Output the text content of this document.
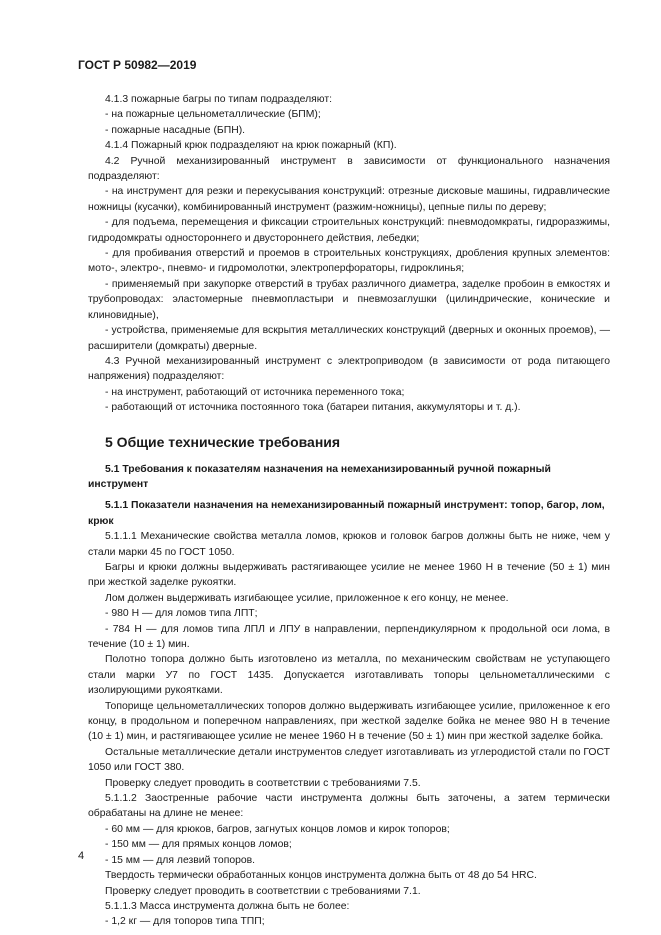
ГОСТ Р 50982—2019

4.1.3 пожарные багры по типам подразделяют:

- на пожарные цельнометаллические (БПМ);

- пожарные насадные (БПН).

4.1.4 Пожарный крюк подразделяют на крюк пожарный (КП).

4.2 Ручной механизированный инструмент в зависимости от функционального назначения подразделяют:

- на инструмент для резки и перекусывания конструкций: отрезные дисковые машины, гидравлические ножницы (кусачки), комбинированный инструмент (разжим-ножницы), цепные пилы по дереву;

- для подъема, перемещения и фиксации строительных конструкций: пневмодомкраты, гидроразжимы, гидродомкраты одностороннего и двустороннего действия, лебедки;

- для пробивания отверстий и проемов в строительных конструкциях, дробления крупных элементов: мото-, электро-, пневмо- и гидромолотки, электроперфораторы, гидроклинья;

- применяемый при закупорке отверстий в трубах различного диаметра, заделке пробоин в емкостях и трубопроводах: эластомерные пневмопластыри и пневмозаглушки (цилиндрические, конические и клиновидные),

- устройства, применяемые для вскрытия металлических конструкций (дверных и оконных проемов), — расширители (домкраты) дверные.

4.3 Ручной механизированный инструмент с электроприводом (в зависимости от рода питающего напряжения) подразделяют:

- на инструмент, работающий от источника переменного тока;

- работающий от источника постоянного тока (батареи питания, аккумуляторы и т. д.).

5 Общие технические требования
5.1 Требования к показателям назначения на немеханизированный ручной пожарный инструмент
5.1.1 Показатели назначения на немеханизированный пожарный инструмент: топор, багор, лом, крюк

5.1.1.1 Механические свойства металла ломов, крюков и головок багров должны быть не ниже, чем у стали марки 45 по ГОСТ 1050.

Багры и крюки должны выдерживать растягивающее усилие не менее 1960 Н в течение (50 ± 1) мин при жесткой заделке рукоятки.

Лом должен выдерживать изгибающее усилие, приложенное к его концу, не менее.

- 980 Н — для ломов типа ЛПТ;

- 784 Н — для ломов типа ЛПЛ и ЛПУ в направлении, перпендикулярном к продольной оси лома, в течение (10 ± 1) мин.

Полотно топора должно быть изготовлено из металла, по механическим свойствам не уступающего стали марки У7 по ГОСТ 1435. Допускается изготавливать топоры цельнометаллическими с изолирующими рукоятками.

Топорище цельнометаллических топоров должно выдерживать изгибающее усилие, приложенное к его концу, в продольном и поперечном направлениях, при жесткой заделке бойка не менее 980 Н в течение (10 ± 1) мин, и растягивающее усилие не менее 1960 Н в течение (50 ± 1) мин при жесткой заделке бойка.

Остальные металлические детали инструментов следует изготавливать из углеродистой стали по ГОСТ 1050 или ГОСТ 380.

Проверку следует проводить в соответствии с требованиями 7.5.

5.1.1.2 Заостренные рабочие части инструмента должны быть заточены, а затем термически обрабатаны на длине не менее:

- 60 мм — для крюков, багров, загнутых концов ломов и кирок топоров;

- 150 мм — для прямых концов ломов;

- 15 мм — для лезвий топоров.

Твердость термически обработанных концов инструмента должна быть от 48 до 54 HRC.

Проверку следует проводить в соответствии с требованиями 7.1.

5.1.1.3 Масса инструмента должна быть не более:

- 1,2 кг — для топоров типа ТПП;

4
